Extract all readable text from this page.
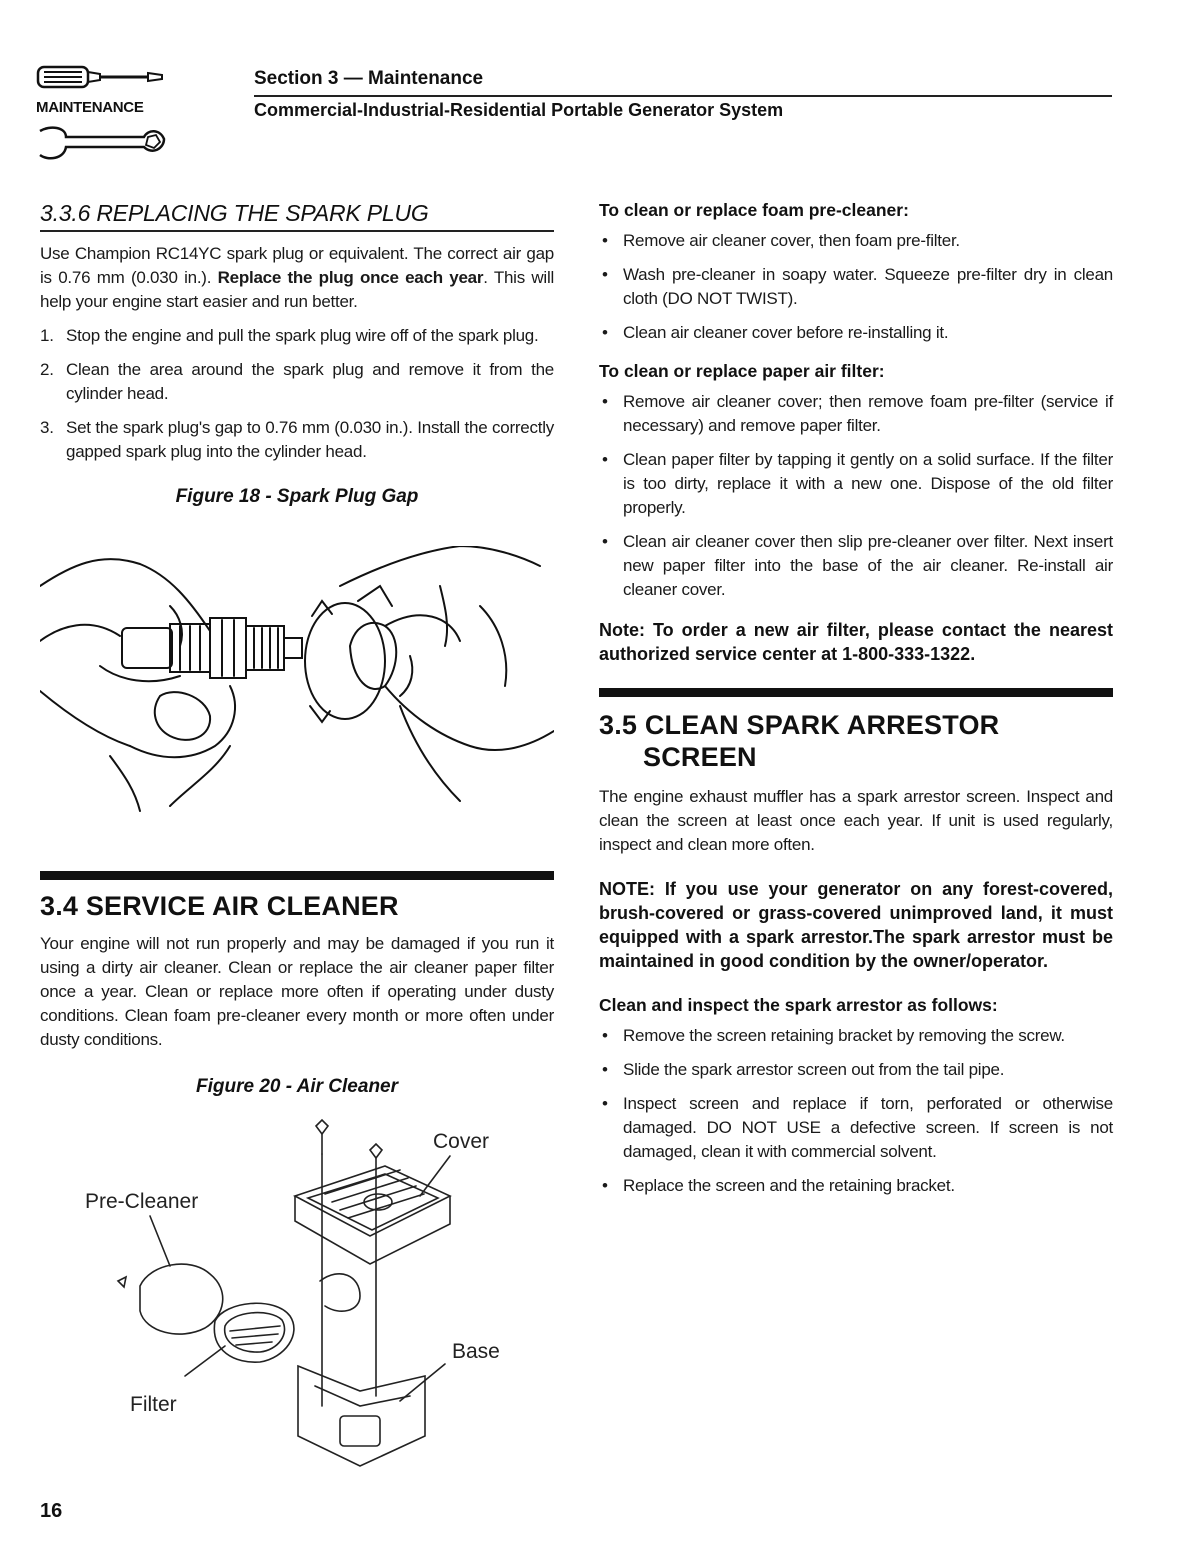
MAINTENANCE
Section 3 — Maintenance
Commercial-Industrial-Residential Portable Generator System
3.3.6 REPLACING THE SPARK PLUG

Use Champion RC14YC spark plug or equivalent. The correct air gap is 0.76 mm (0.030 in.). Replace the plug once each year. This will help your engine start easier and run better.

1. Stop the engine and pull the spark plug wire off of the spark plug.
2. Clean the area around the spark plug and remove it from the cylinder head.
3. Set the spark plug's gap to 0.76 mm (0.030 in.). Install the correctly gapped spark plug into the cylinder head.
Figure 18 - Spark Plug Gap
3.4 SERVICE AIR CLEANER

Your engine will not run properly and may be damaged if you run it using a dirty air cleaner. Clean or replace the air cleaner paper filter once a year. Clean or replace more often if operating under dusty conditions. Clean foam pre-cleaner every month or more often under dusty conditions.

Figure 20 - Air Cleaner
Cover
Pre-Cleaner
Base
Filter
To clean or replace foam pre-cleaner:
• Remove air cleaner cover, then foam pre-filter.
• Wash pre-cleaner in soapy water. Squeeze pre-filter dry in clean cloth (DO NOT TWIST).
• Clean air cleaner cover before re-installing it.
To clean or replace paper air filter:
• Remove air cleaner cover; then remove foam pre-filter (service if necessary) and remove paper filter.
• Clean paper filter by tapping it gently on a solid surface. If the filter is too dirty, replace it with a new one. Dispose of the old filter properly.
• Clean air cleaner cover then slip pre-cleaner over filter. Next insert new paper filter into the base of the air cleaner. Re-install air cleaner cover.

Note: To order a new air filter, please contact the nearest authorized service center at 1-800-333-1322.

3.5 CLEAN SPARK ARRESTOR
SCREEN

The engine exhaust muffler has a spark arrestor screen. Inspect and clean the screen at least once each year. If unit is used regularly, inspect and clean more often.

NOTE: If you use your generator on any forest-covered, brush-covered or grass-covered unimproved land, it must equipped with a spark arrestor.The spark arrestor must be maintained in good condition by the owner/operator.

Clean and inspect the spark arrestor as follows:
• Remove the screen retaining bracket by removing the screw.
• Slide the spark arrestor screen out from the tail pipe.
• Inspect screen and replace if torn, perforated or otherwise damaged. DO NOT USE a defective screen. If screen is not damaged, clean it with commercial solvent.
• Replace the screen and the retaining bracket.
16
